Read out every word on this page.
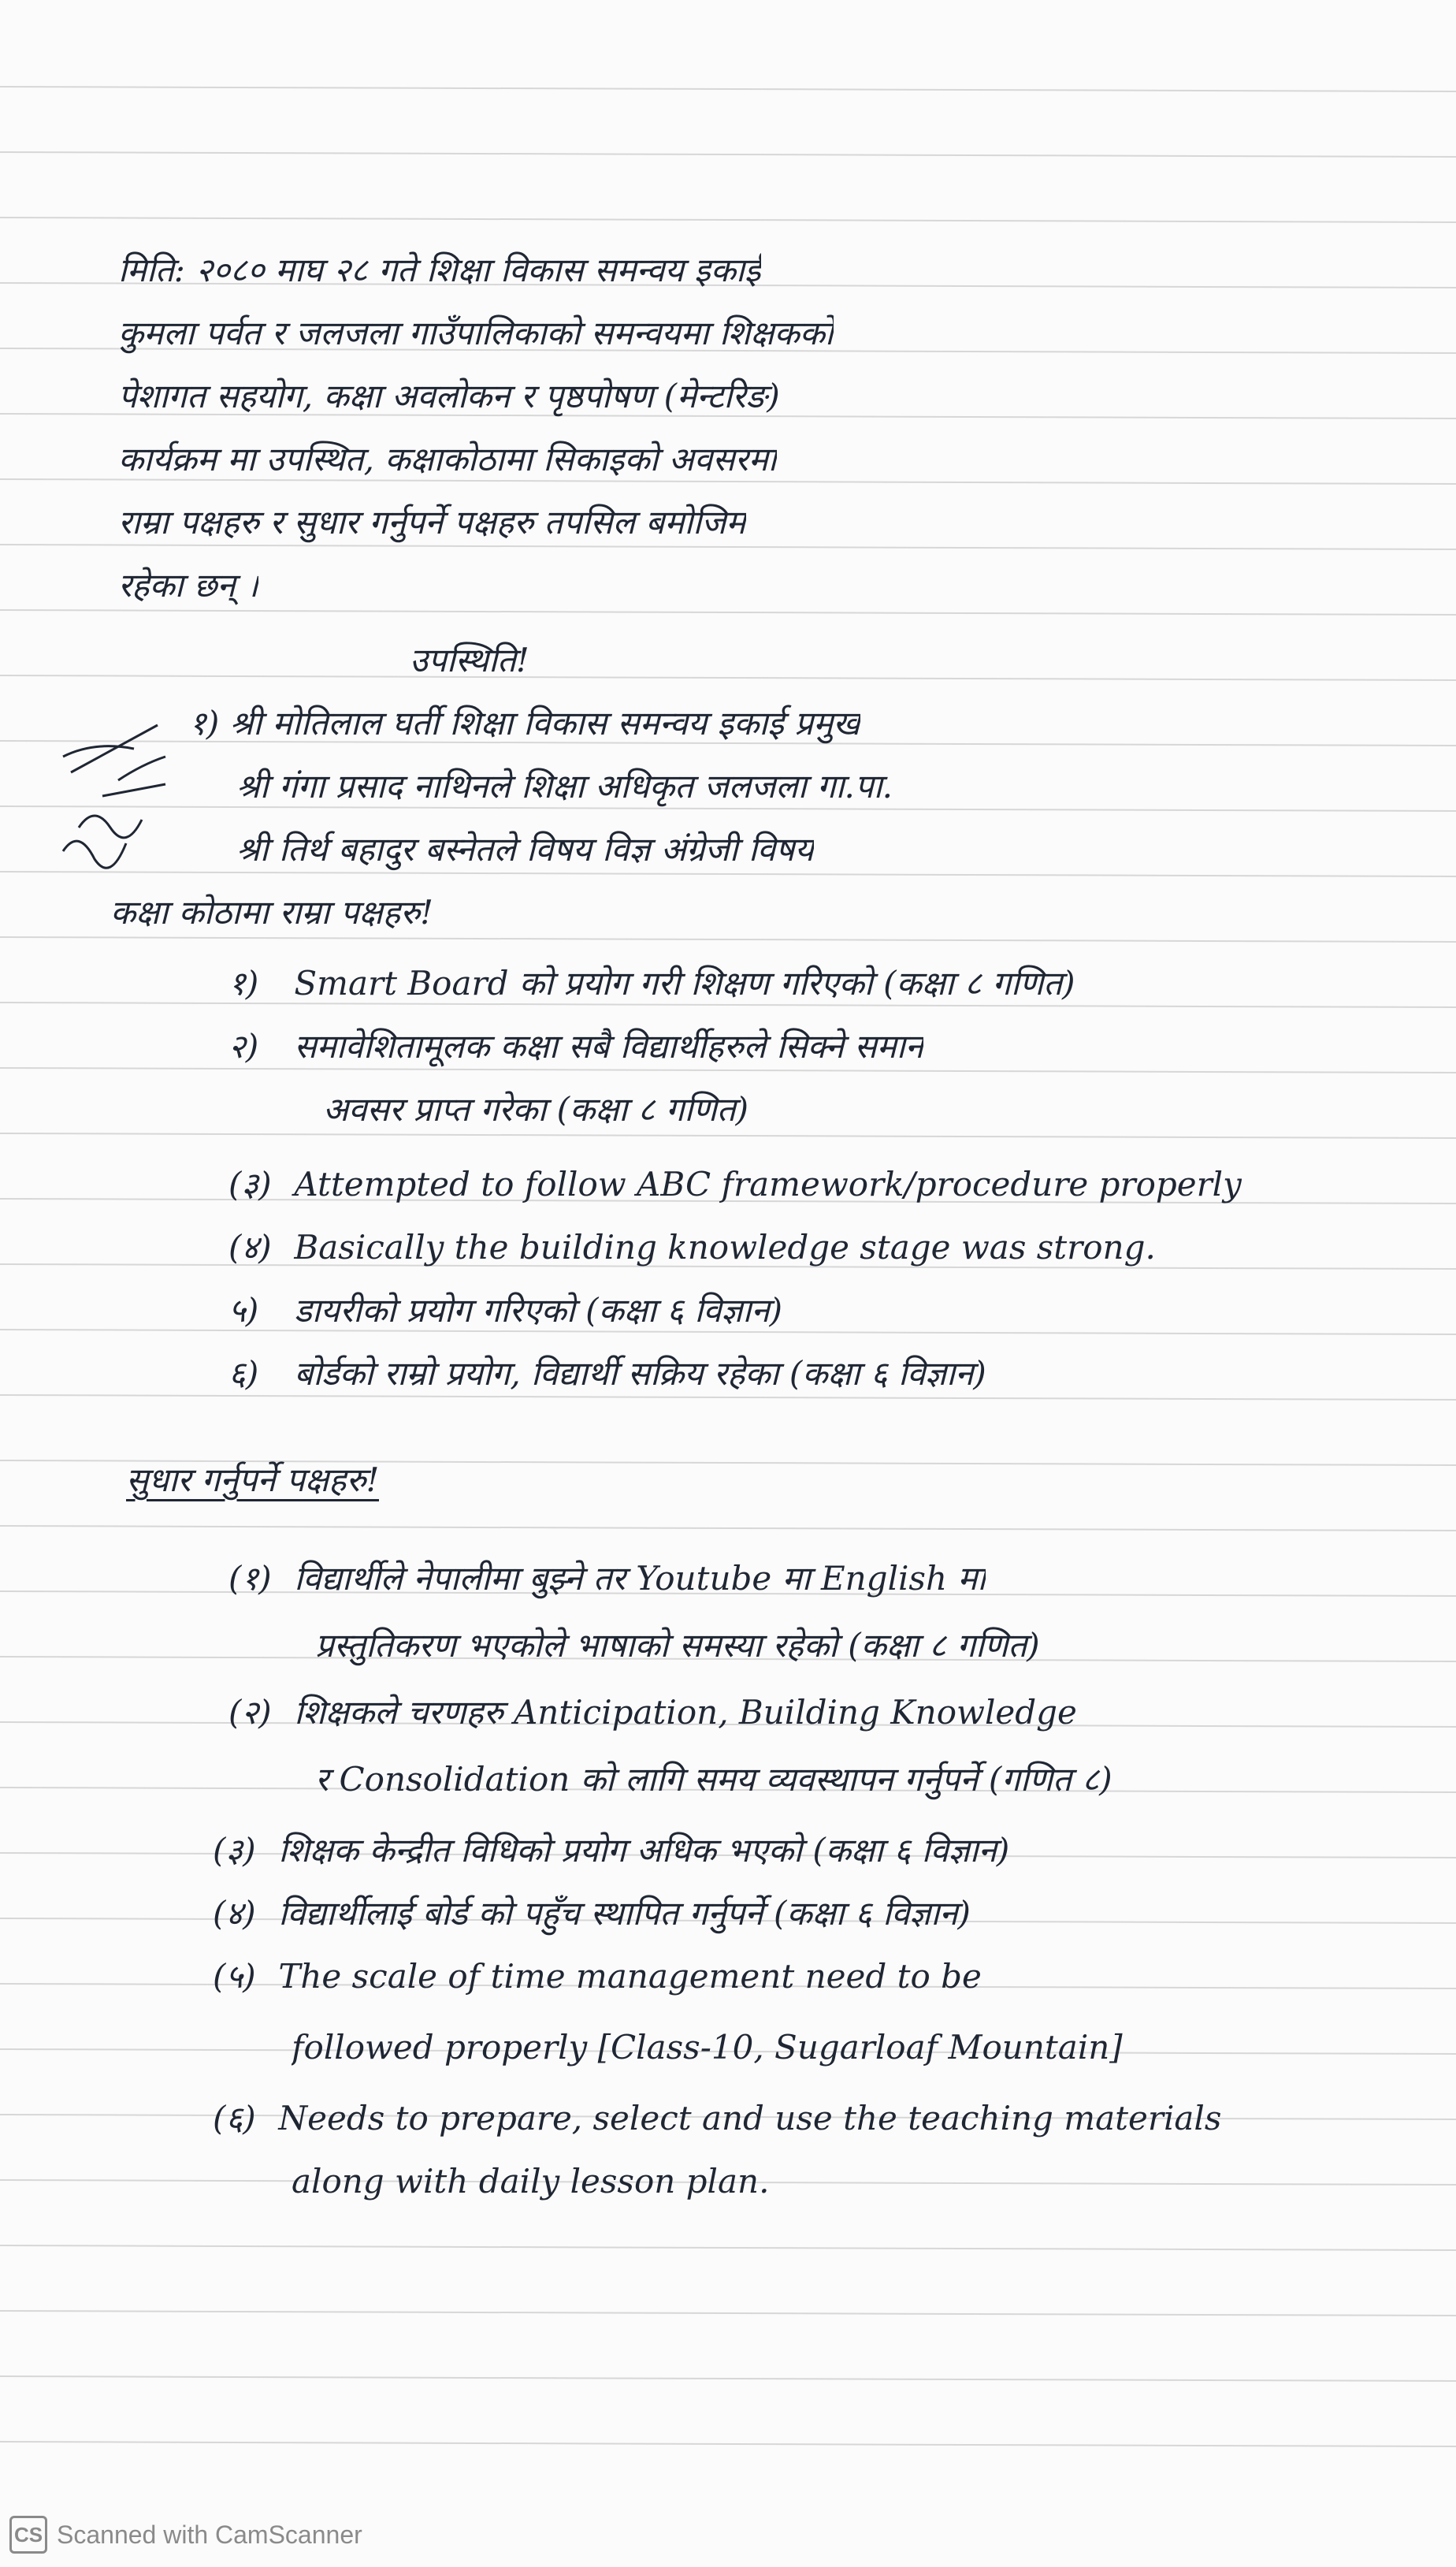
मिति: २०८० माघ २८ गते शिक्षा विकास समन्वय इकाई
कुमला पर्वत र जलजला गाउँपालिकाको समन्वयमा शिक्षकको
पेशागत सहयोग, कक्षा अवलोकन र पृष्ठपोषण (मेन्टरिङ)
कार्यक्रम मा उपस्थित, कक्षाकोठामा सिकाइको अवसरमा
राम्रा पक्षहरु र सुधार गर्नुपर्ने पक्षहरु तपसिल बमोजिम
रहेका छन् ।
उपस्थिति!
१) श्री मोतिलाल घर्ती शिक्षा विकास समन्वय इकाई प्रमुख
श्री गंगा प्रसाद नाथिनले शिक्षा अधिकृत जलजला गा.पा.
श्री तिर्थ बहादुर बस्नेतले विषय विज्ञ अंग्रेजी विषय
कक्षा कोठामा राम्रा पक्षहरु!
१) Smart Board को प्रयोग गरी शिक्षण गरिएको (कक्षा ८ गणित)
२) समावेशितामूलक कक्षा सबै विद्यार्थीहरुले सिक्ने समान
अवसर प्राप्त गरेका (कक्षा ८ गणित)
(३) Attempted to follow ABC framework/procedure properly
(४) Basically the building knowledge stage was strong.
५) डायरीको प्रयोग गरिएको (कक्षा ६ विज्ञान)
६) बोर्डको राम्रो प्रयोग, विद्यार्थी सक्रिय रहेका (कक्षा ६ विज्ञान)
सुधार गर्नुपर्ने पक्षहरु!
(१) विद्यार्थीले नेपालीमा बुझ्ने तर Youtube मा English मा
प्रस्तुतिकरण भएकोले भाषाको समस्या रहेको (कक्षा ८ गणित)
(२) शिक्षकले चरणहरु Anticipation, Building Knowledge
र Consolidation को लागि समय व्यवस्थापन गर्नुपर्ने (गणित ८)
(३) शिक्षक केन्द्रीत विधिको प्रयोग अधिक भएको (कक्षा ६ विज्ञान)
(४) विद्यार्थीलाई बोर्ड को पहुँच स्थापित गर्नुपर्ने (कक्षा ६ विज्ञान)
(५) The scale of time management need to be
followed properly [Class-10, Sugarloaf Mountain]
(६) Needs to prepare, select and use the teaching materials
along with daily lesson plan.
CS Scanned with CamScanner
